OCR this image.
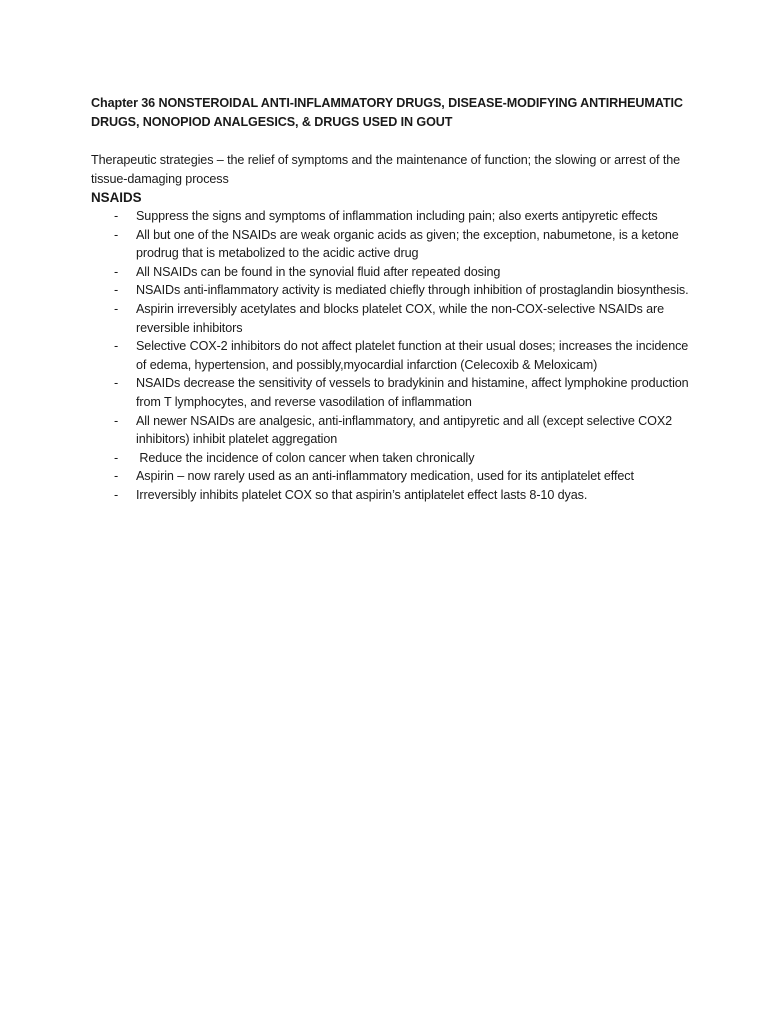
Chapter 36 NONSTEROIDAL ANTI-INFLAMMATORY DRUGS, DISEASE-MODIFYING ANTIRHEUMATIC DRUGS, NONOPIOD ANALGESICS, & DRUGS USED IN GOUT

Therapeutic strategies – the relief of symptoms and the maintenance of function; the slowing or arrest of the tissue-damaging process

NSAIDS

-	Suppress the signs and symptoms of inflammation including pain; also exerts antipyretic effects
-	All but one of the NSAIDs are weak organic acids as given; the exception, nabumetone, is a ketone prodrug that is metabolized to the acidic active drug
-	All NSAIDs can be found in the synovial fluid after repeated dosing
-	NSAIDs anti-inflammatory activity is mediated chiefly through inhibition of prostaglandin biosynthesis.
-	Aspirin irreversibly acetylates and blocks platelet COX, while the non-COX-selective NSAIDs are reversible inhibitors
-	Selective COX-2 inhibitors do not affect platelet function at their usual doses; increases the incidence of edema, hypertension, and possibly,myocardial infarction (Celecoxib & Meloxicam)
-	NSAIDs decrease the sensitivity of vessels to bradykinin and histamine, affect lymphokine production from T lymphocytes, and reverse vasodilation of inflammation
-	All newer NSAIDs are analgesic, anti-inflammatory, and antipyretic and all (except selective COX2 inhibitors) inhibit platelet aggregation
-	Reduce the incidence of colon cancer when taken chronically
-	Aspirin – now rarely used as an anti-inflammatory medication, used for its antiplatelet effect
-	Irreversibly inhibits platelet COX so that aspirin’s antiplatelet effect lasts 8-10 dyas.
